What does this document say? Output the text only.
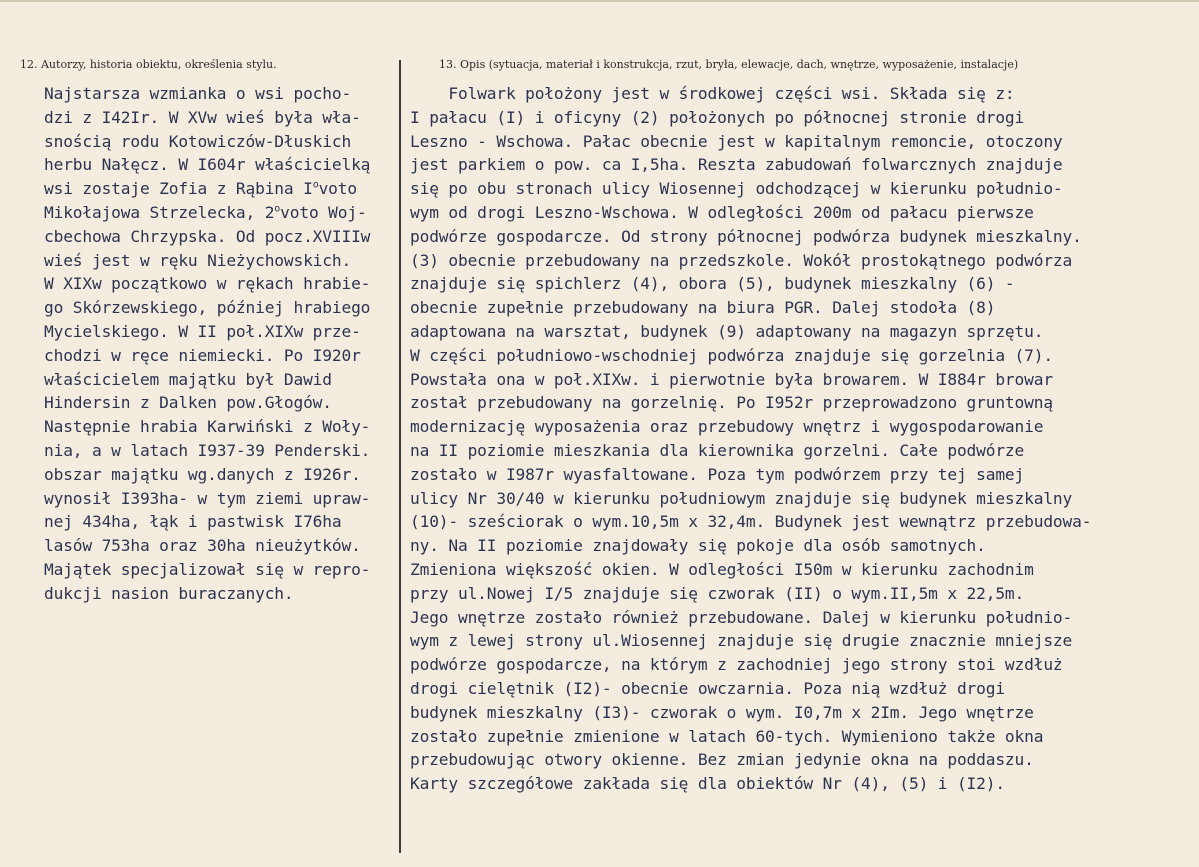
12. Autorzy, historia obiektu, określenia stylu.	13. Opis (sytuacja, materiał i konstrukcja, rzut, bryła, elewacje, dach, wnętrze, wyposażenie, instalacje)
Najstarsza wzmianka o wsi pocho-
dzi z I42Ir. W XVw wieś była wła-
snością rodu Kotowiczów-Dłuskich
herbu Nałęcz. W I604r właścicielką
wsi zostaje Zofia z Rąbina $I^ovoto$
Mikołajowa Strzelecka, 2$^o$voto Woj-
cbechowa Chrzypska. Od pocz.XVIIIw
wieś jest w ręku Nieżychowskich.
W XIXw początkowo w rękach hrabie-
go Skórzewskiego, później hrabiego
Mycielskiego. W II poł.XIXw prze-
chodzi w ręce niemiecki. Po I920r
właścicielem majątku był Dawid
Hindersin z Dalken pow.Głogów.
Następnie hrabia Karwiński z Woły-
nia, a w latach I937-39 Penderski.
obszar majątku wg.danych z I926r.
wynosił I393ha- w tym ziemi upraw-
nej 434ha, łąk i pastwisk I76ha
lasów 753ha oraz 30ha nieużytków.
Majątek specjalizował się w repro-
dukcji nasion buraczanych.
Folwark położony jest w środkowej części wsi. Składa się z:
I pałacu (I) i oficyny (2) położonych po północnej stronie drogi
Leszno - Wschowa. Pałac obecnie jest w kapitalnym remoncie, otoczony
jest parkiem o pow. ca I,5ha. Reszta zabudowań folwarcznych znajduje
się po obu stronach ulicy Wiosennej odchodzącej w kierunku południo-
wym od drogi Leszno-Wschowa. W odległości 200m od pałacu pierwsze
podwórze gospodarcze. Od strony północnej podwórza budynek mieszkalny.
(3) obecnie przebudowany na przedszkole. Wokół prostokątnego podwórza
znajduje się spichlerz (4), obora (5), budynek mieszkalny (6) -
obecnie zupełnie przebudowany na biura PGR. Dalej stodoła (8)
adaptowana na warsztat, budynek (9) adaptowany na magazyn sprzętu.
W części południowo-wschodniej podwórza znajduje się gorzelnia (7).
Powstała ona w poł.XIXw. i pierwotnie była browarem. W I884r browar
został przebudowany na gorzelnię. Po I952r przeprowadzono gruntowną
modernizację wyposażenia oraz przebudowy wnętrz i wygospodarowanie
na II poziomie mieszkania dla kierownika gorzelni. Całe podwórze
zostało w I987r wyasfaltowane. Poza tym podwórzem przy tej samej
ulicy Nr 30/40 w kierunku południowym znajduje się budynek mieszkalny
(10)- sześciorak o wym.10,5m x 32,4m. Budynek jest wewnątrz przebudowa-
ny. Na II poziomie znajdowały się pokoje dla osób samotnych.
Zmieniona większość okien. W odległości I50m w kierunku zachodnim
przy ul.Nowej I/5 znajduje się czworak (II) o wym.II,5m x 22,5m.
Jego wnętrze zostało również przebudowane. Dalej w kierunku południo-
wym z lewej strony ul.Wiosennej znajduje się drugie znacznie mniejsze
podwórze gospodarcze, na którym z zachodniej jego strony stoi wzdłuż
drogi cielętnik (I2)- obecnie owczarnia. Poza nią wzdłuż drogi
budynek mieszkalny (I3)- czworak o wym. I0,7m x 2Im. Jego wnętrze
zostało zupełnie zmienione w latach 60-tych. Wymieniono także okna
przebudowując otwory okienne. Bez zmian jedynie okna na poddaszu.
Karty szczegółowe zakłada się dla obiektów Nr (4), (5) i (I2).
